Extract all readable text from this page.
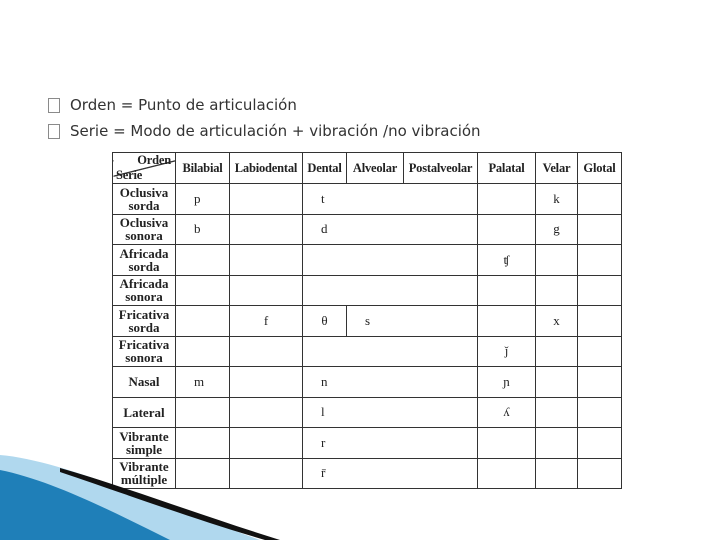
Orden = Punto de articulación
Serie = Modo de articulación + vibración /no vibración
Orden
Serie	Bilabial	Labiodental	Dental	Alveolar	Postalveolar	Palatal	Velar	Glotal
Oclusiva
sorda	p		t				k	
Oclusiva
sonora	b		d				g	
Africada
sorda						ʧ		
Africada
sonora								
Fricativa
sorda		f	θ	s			x	
Fricativa
sonora						ǰ		
Nasal	m		n			ɲ		
Lateral			l			ʎ		
Vibrante
simple			r					
Vibrante
múltiple			r̄					
